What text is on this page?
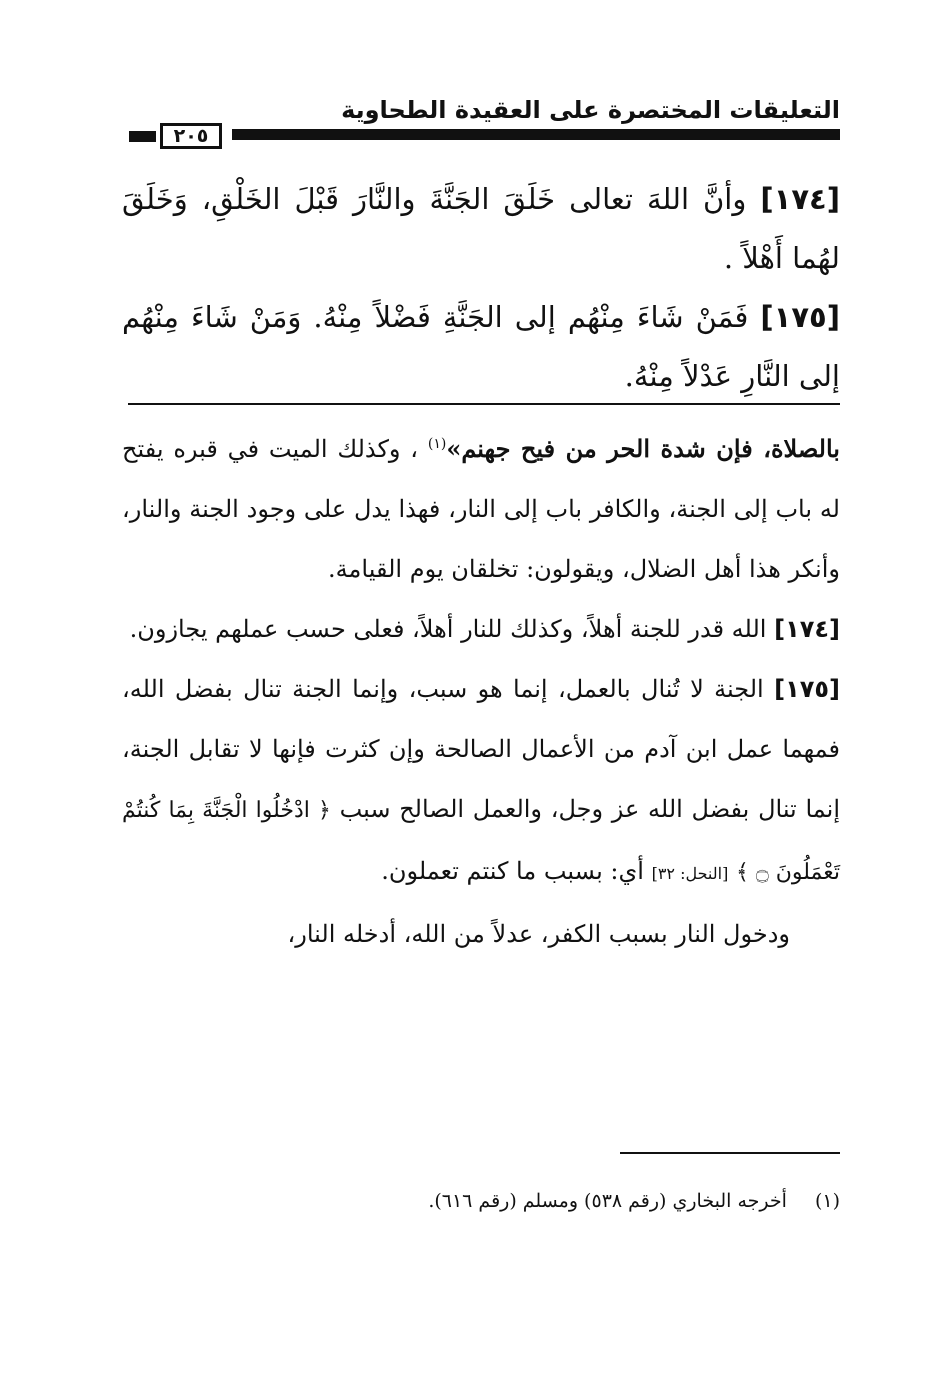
التعليقات المختصرة على العقيدة الطحاوية
٢٠٥

[١٧٤] وأنَّ اللهَ تعالى خَلَقَ الجَنَّةَ والنَّارَ قَبْلَ الخَلْقِ، وَخَلَقَ لهُما أَهْلاً .

[١٧٥] فَمَنْ شَاءَ مِنْهُم إلى الجَنَّةِ فَضْلاً مِنْهُ. وَمَنْ شَاءَ مِنْهُم إلى النَّارِ عَدْلاً مِنْهُ.

بالصلاة، فإن شدة الحر من فيح جهنم»$^{(١)}$ ، وكذلك الميت في قبره يفتح له باب إلى الجنة، والكافر باب إلى النار، فهذا يدل على وجود الجنة والنار، وأنكر هذا أهل الضلال، ويقولون: تخلقان يوم القيامة.

[١٧٤] الله قدر للجنة أهلاً، وكذلك للنار أهلاً، فعلى حسب عملهم يجازون.

[١٧٥] الجنة لا تُنال بالعمل، إنما هو سبب، وإنما الجنة تنال بفضل الله، فمهما عمل ابن آدم من الأعمال الصالحة وإن كثرت فإنها لا تقابل الجنة، إنما تنال بفضل الله عز وجل، والعمل الصالح سبب ﴿ ادْخُلُوا الْجَنَّةَ بِمَا كُنتُمْ تَعْمَلُونَ ۝ ﴾ [النحل: ٣٢] أي: بسبب ما كنتم تعملون.

ودخول النار بسبب الكفر، عدلاً من الله، أدخله النار،

(١) أخرجه البخاري (رقم ٥٣٨) ومسلم (رقم ٦١٦).
